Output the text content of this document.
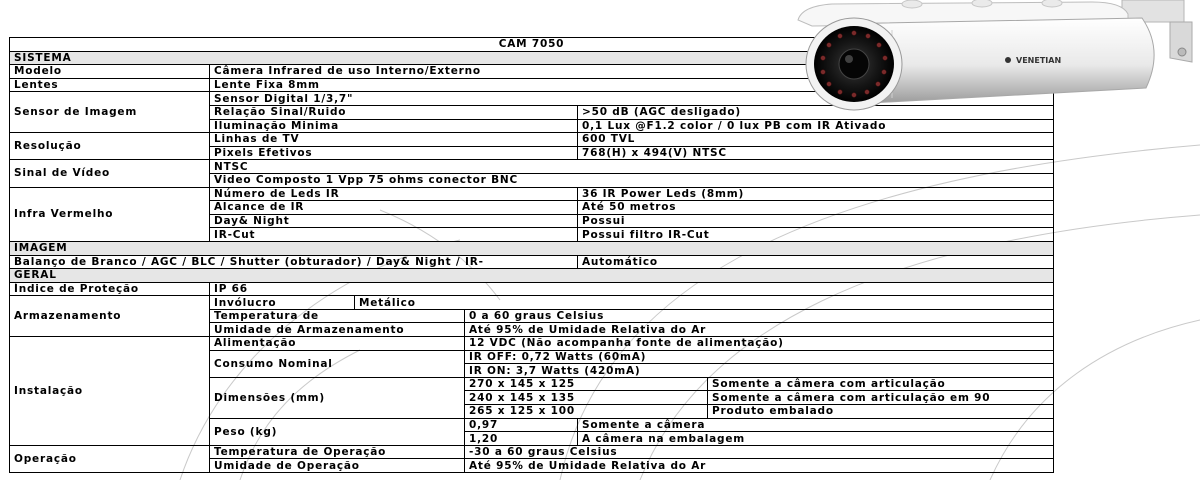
CAM 7050					
SISTEMA					
Modelo	Câmera Infrared de uso Interno/Externo				
Lentes	Lente Fixa 8mm				
Sensor de Imagem	Sensor Digital 1/3,7"				
	Relação Sinal/Ruido			>50 dB (AGC desligado)	
	Iluminação Minima			0,1 Lux @F1.2 color / 0 lux PB com IR Ativado	
Resolução	Linhas de TV			600 TVL	
	Pixels Efetivos			768(H) x 494(V) NTSC	
Sinal de Vídeo	NTSC				
	Video Composto 1 Vpp 75 ohms conector BNC				
Infra Vermelho	Número de Leds IR			36 IR Power Leds (8mm)	
	Alcance de IR			Até 50 metros	
	Day& Night			Possui	
	IR-Cut			Possui filtro IR-Cut	
IMAGEM					
Balanço de Branco / AGC / BLC / Shutter (obturador) / Day& Night / IR-				Automático	
GERAL					
Índice de Proteção	IP 66				
Armazenamento	Invólucro	Metálico			
	Temperatura de		0 a 60 graus Celsius		
	Umidade de Armazenamento		Até 95% de Umidade Relativa do Ar		
Instalação	Alimentação		12 VDC (Não acompanha fonte de alimentação)		
	Consumo Nominal		IR OFF: 0,72 Watts (60mA)		
			IR ON: 3,7 Watts (420mA)		
	Dimensões (mm)		270 x 145 x 125		Somente a câmera com articulação
			240 x 145 x 135		Somente a câmera com articulação em 90
			265 x 125 x 100		Produto embalado
	Peso (kg)		0,97	Somente a câmera	
			1,20	A câmera na embalagem	
Operação	Temperatura de Operação		-30 a 60 graus Celsius		
	Umidade de Operação		Até 95% de Umidade Relativa do Ar		
VENETIAN
